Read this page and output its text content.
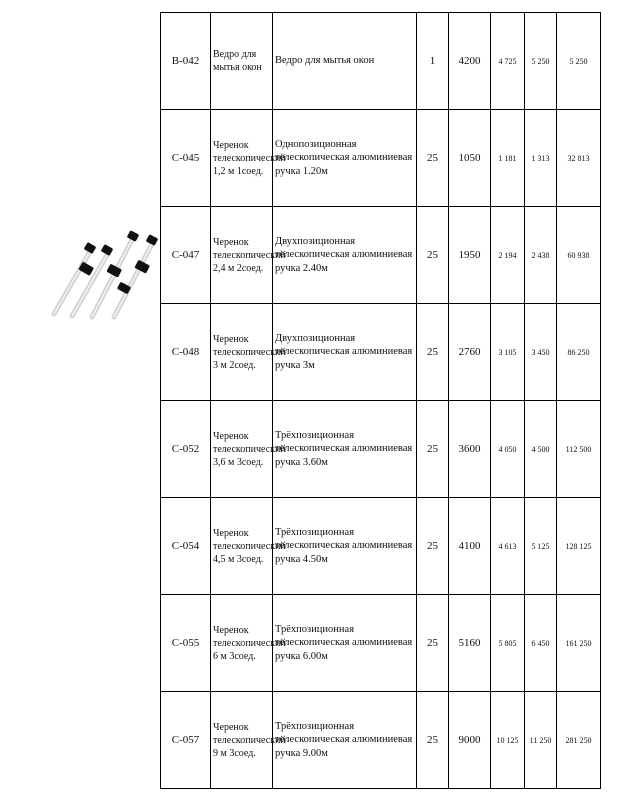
B-042	Ведро для мытья окон	Ведро для мытья окон	1	4200	4 725	5 250	5 250
C-045	Черенок телескопический 1,2 м 1соед.	Однопозиционная телескопическая алюминиевая ручка 1.20м	25	1050	1 181	1 313	32 813
C-047	Черенок телескопический 2,4 м 2соед.	Двухпозиционная телескопическая алюминиевая ручка 2.40м	25	1950	2 194	2 438	60 938
C-048	Черенок телескопический 3 м 2соед.	Двухпозиционная телескопическая алюминиевая ручка 3м	25	2760	3 105	3 450	86 250
C-052	Черенок телескопический 3,6 м 3соед.	Трёхпозиционная телескопическая алюминиевая ручка 3.60м	25	3600	4 050	4 500	112 500
C-054	Черенок телескопический 4,5 м 3соед.	Трёхпозиционная телескопическая алюминиевая ручка 4.50м	25	4100	4 613	5 125	128 125
C-055	Черенок телескопический 6 м 3соед.	Трёхпозиционная телескопическая алюминиевая ручка 6.00м	25	5160	5 805	6 450	161 250
C-057	Черенок телескопический 9 м 3соед.	Трёхпозиционная телескопическая алюминиевая ручка 9.00м	25	9000	10 125	11 250	281 250
